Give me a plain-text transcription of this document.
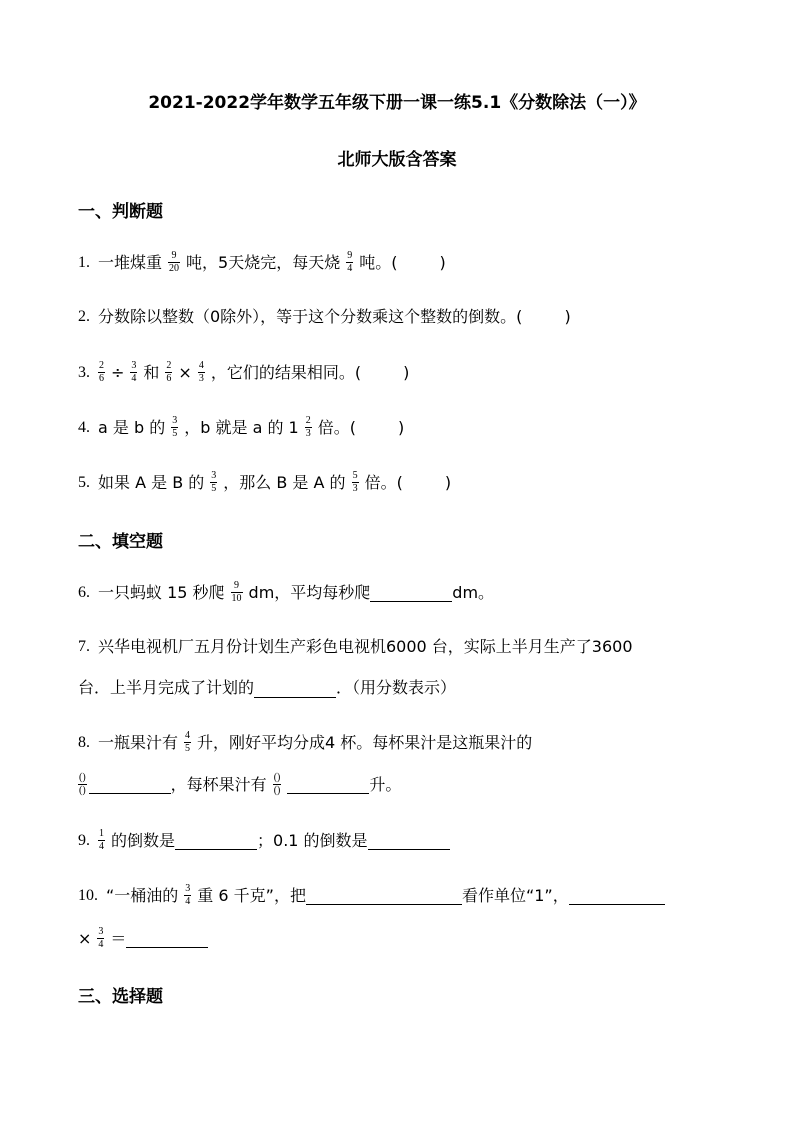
2021-2022学年数学五年级下册一课一练5.1《分数除法（一）》
北师大版含答案
一、判断题
1. 一堆煤重 $\frac{9}{20}$ 吨，5天烧完，每天烧 $\frac{9}{4}$ 吨。(	)
2. 分数除以整数（0除外），等于这个分数乘这个整数的倒数。(	)
3. $\frac{2}{6} \div \frac{3}{4}$ 和 $\frac{2}{6} \times \frac{4}{3}$ ，它们的结果相同。(	)
4. a 是 b 的 $\frac{3}{5}$ ，b 就是 a 的 $1 \frac{2}{3}$ 倍。(	)
5. 如果 A 是 B 的 $\frac{3}{5}$ ，那么 B 是 A 的 $\frac{5}{3}$ 倍。(	)
二、填空题
6. 一只蚂蚁 15 秒爬 $\frac{9}{10}$ dm，平均每秒爬	dm。
7. 兴华电视机厂五月份计划生产彩色电视机6000 台，实际上半月生产了3600
台．上半月完成了计划的	．（用分数表示）
8. 一瓶果汁有 $\frac{4}{5}$ 升，刚好平均分成4 杯。每杯果汁是这瓶果汁的
$\frac{()}{()}$	，每杯果汁有 $\frac{()}{()}$	升。
9. $\frac{1}{4}$ 的倒数是	；0.1 的倒数是
10. “一桶油的 $\frac{3}{4}$ 重 6 千克”，把	看作单位“1”，
× $\frac{3}{4}$ ＝
三、选择题
